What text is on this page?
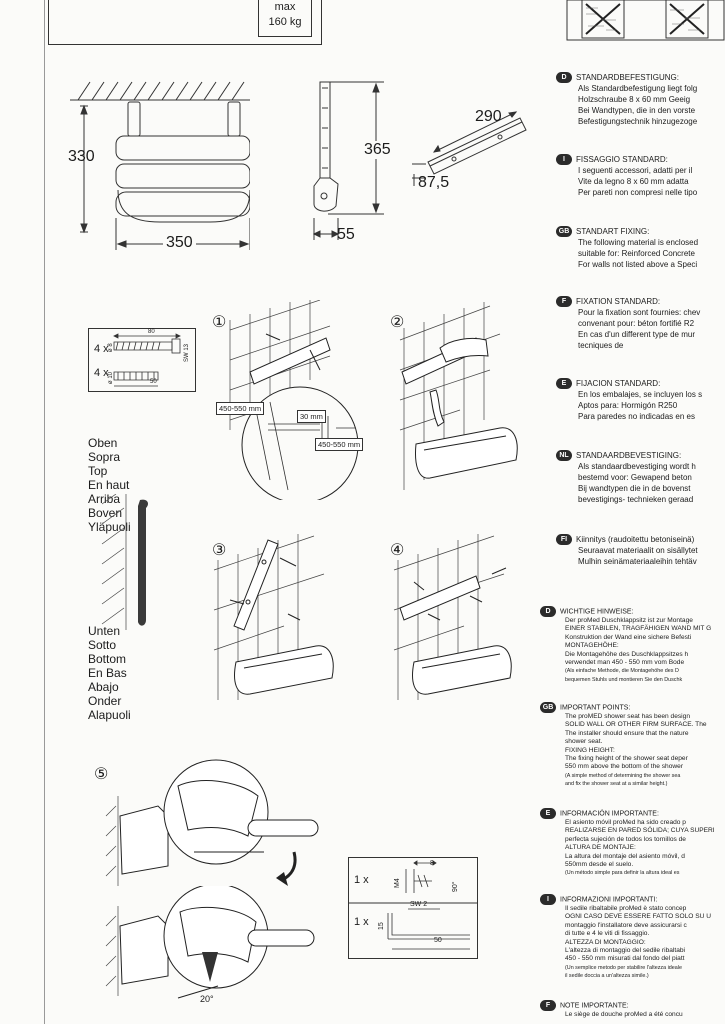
max
160 kg
330
350
365
55
290
87,5
4 x
80
ø 8	SW 13
4 x ø 10	50
①
450-550 mm
30 mm
450-550 mm
②
Oben
Sopra
Top
En haut
Arriba
Boven
Yläpuoli
Unten
Sotto
Bottom
En Bas
Abajo
Onder
Alapuoli
③	④
⑤
20°
1 x	M4
8
90°
1 x
SW 2
15
50
D STANDARDBEFESTIGUNG:
Als Standardbefestigung liegt folg
Holzschraube 8 x 60 mm Geeig
Bei Wandtypen, die in den vorste
Befestigungstechnik hinzugezoge
I FISSAGGIO STANDARD:
I seguenti accessori, adatti per il
Vite da legno 8 x 60 mm adatta
Per pareti non compresi nelle tipo
GB STANDART FIXING:
The following material is enclosed
suitable for: Reinforced Concrete
For walls not listed above a Speci
F FIXATION STANDARD:
Pour la fixation sont fournies: chev
convenant pour: béton fortifié R2
En cas d'un different type de mur
tecniques de
E FIJACION STANDARD:
En los embalajes, se incluyen los s
Aptos para: Hormigón R250
Para paredes no indicadas en es
NL STANDAARDBEVESTIGING:
Als standaardbevestiging wordt h
bestemd voor: Gewapend beton
Bij wandtypen die in de bovenst
bevestigings- technieken geraad
FI Kiinnitys (raudoitettu betoniseinä)
Seuraavat materiaalit on sisällytet
Mulhin seinämateriaaleihin tehtäv
D WICHTIGE HINWEISE:
Der proMed Duschklappsitz ist zur Montage
EINER STABILEN, TRAGFÄHIGEN WAND MIT G
Konstruktion der Wand eine sichere Befesti
MONTAGEHÖHE:
Die Montagehöhe des Duschklappsitzes h
verwendet man 450 - 550 mm vom Bode
(Als einfache Methode, die Montagehöhe des D
bequemen Stuhls und montieren Sie den Duschk
GB IMPORTANT POINTS:
The proMED shower seat has been design
SOLID WALL OR OTHER FIRM SURFACE. The
The installer should ensure that the nature
shower seat.
FIXING HEIGHT:
The fixing height of the shower seat deper
550 mm above the bottom of the shower
(A simple method of determining the shower sea
and fix the shower seat at a similar height.)
E INFORMACIÓN IMPORTANTE:
El asiento móvil proMed ha sido creado p
REALIZARSE EN PARED SÓLIDA; CUYA SUPERI
perfecta sujeción de todos los tornillos de
ALTURA DE MONTAJE:
La altura del montaje del asiento móvil, d
550mm desde el suelo.
(Un método simple para definir la altura ideal es
I INFORMAZIONI IMPORTANTI:
Il sedile ribaltabile proMed è stato concep
OGNI CASO DEVE ESSERE FATTO SOLO SU U
montaggio l'installatore deve assicurarsi c
di tutte e 4 le viti di fissaggio.
ALTEZZA DI MONTAGGIO:
L'altezza di montaggio del sedile ribaltabi
450 - 550 mm misurati dal fondo del piatt
(Un semplice metodo per stabilire l'altezza ideale
il sedile doccia a un'altezza simile.)
F NOTE IMPORTANTE:
Le siège de douche proMed a été concu
